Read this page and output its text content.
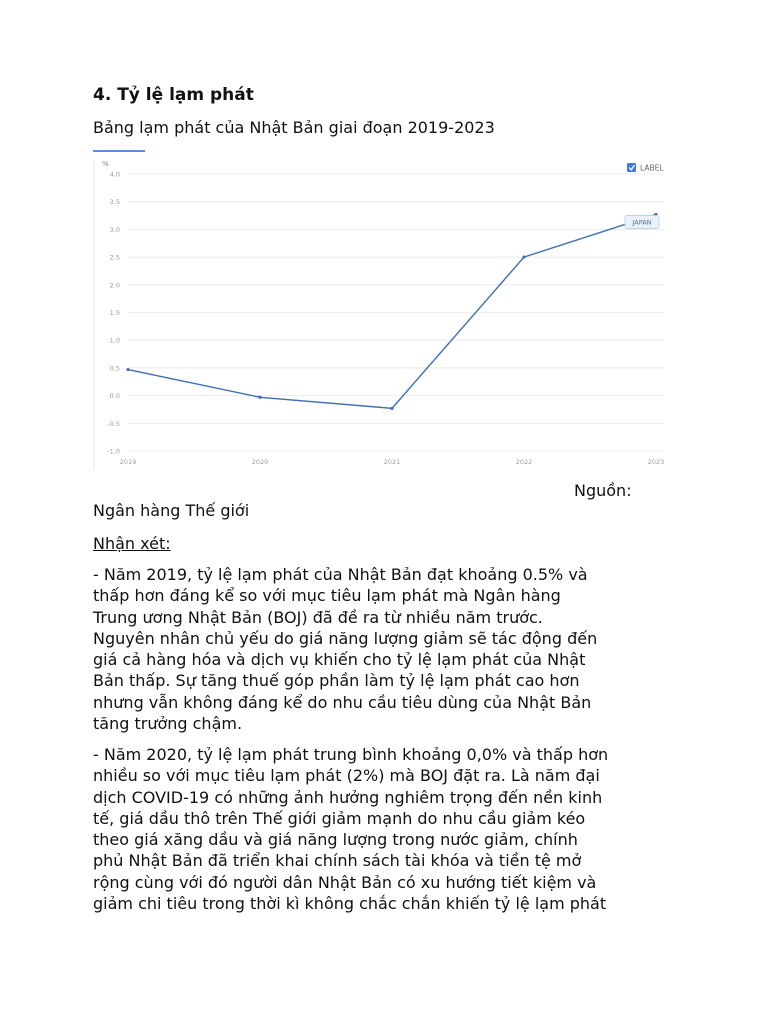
4. Tỷ lệ lạm phát

Bảng lạm phát của Nhật Bản giai đoạn 2019-2023

%
4.0
3.5
3.0
2.5
2.0
1.5
1.0
0.5
0.0
-0.5
-1.0
2019	2020	2021	2022	2023
LABEL
JAPAN
Nguồn:
Ngân hàng Thế giới
Nhận xét:

- Năm 2019, tỷ lệ lạm phát của Nhật Bản đạt khoảng 0.5% và
thấp hơn đáng kể so với mục tiêu lạm phát mà Ngân hàng
Trung ương Nhật Bản (BOJ) đã đề ra từ nhiều năm trước.
Nguyên nhân chủ yếu do giá năng lượng giảm sẽ tác động đến
giá cả hàng hóa và dịch vụ khiến cho tỷ lệ lạm phát của Nhật
Bản thấp. Sự tăng thuế góp phần làm tỷ lệ lạm phát cao hơn
nhưng vẫn không đáng kể do nhu cầu tiêu dùng của Nhật Bản
tăng trưởng chậm.

- Năm 2020, tỷ lệ lạm phát trung bình khoảng 0,0% và thấp hơn
nhiều so với mục tiêu lạm phát (2%) mà BOJ đặt ra. Là năm đại
dịch COVID-19 có những ảnh hưởng nghiêm trọng đến nền kinh
tế, giá dầu thô trên Thế giới giảm mạnh do nhu cầu giảm kéo
theo giá xăng dầu và giá năng lượng trong nước giảm, chính
phủ Nhật Bản đã triển khai chính sách tài khóa và tiền tệ mở
rộng cùng với đó người dân Nhật Bản có xu hướng tiết kiệm và
giảm chi tiêu trong thời kì không chắc chắn khiến tỷ lệ lạm phát
